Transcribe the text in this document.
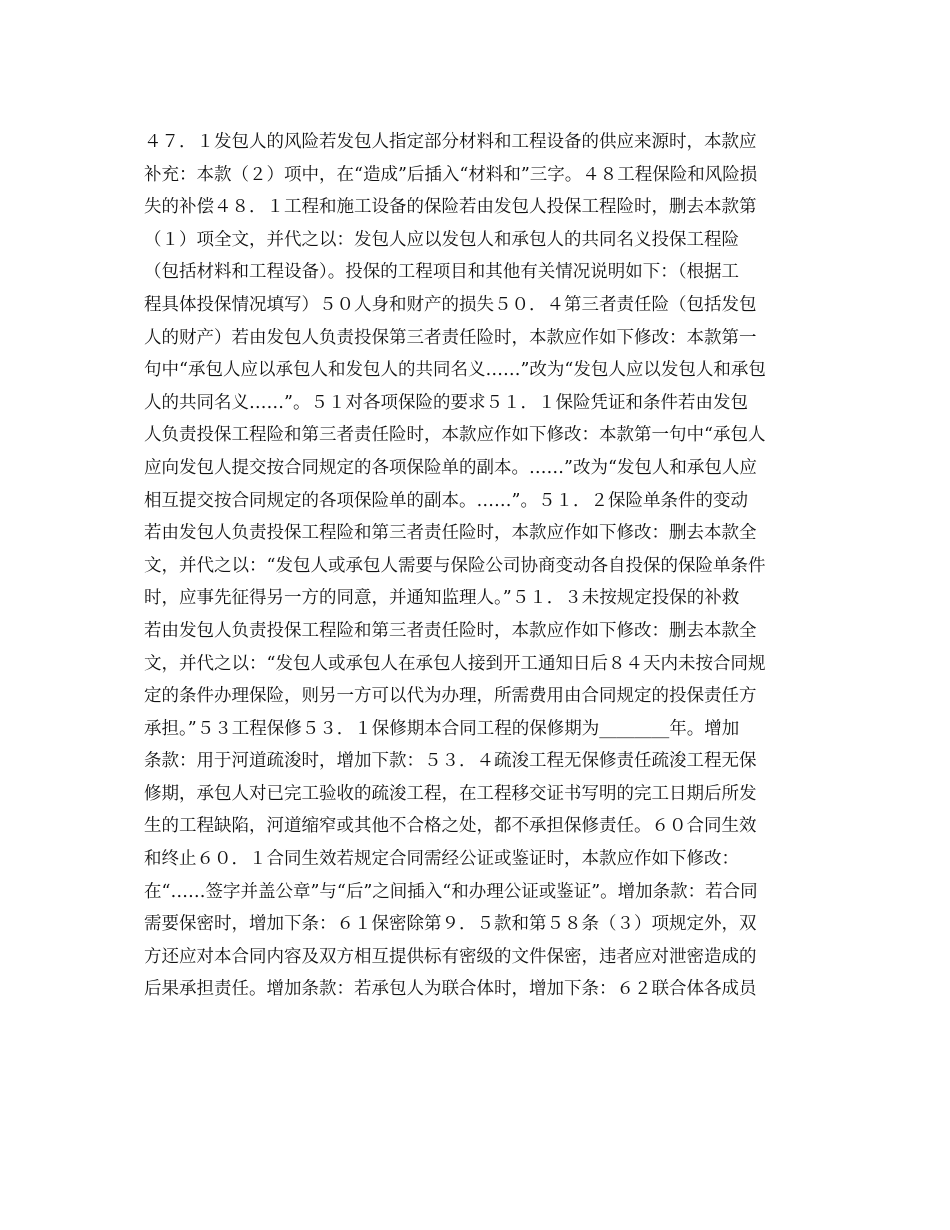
４７．１发包人的风险若发包人指定部分材料和工程设备的供应来源时，本款应
补充：本款（２）项中，在“造成”后插入“材料和”三字。４８工程保险和风险损
失的补偿４８．１工程和施工设备的保险若由发包人投保工程险时，删去本款第
（１）项全文，并代之以：发包人应以发包人和承包人的共同名义投保工程险
（包括材料和工程设备）。投保的工程项目和其他有关情况说明如下：（根据工
程具体投保情况填写）５０人身和财产的损失５０．４第三者责任险（包括发包
人的财产）若由发包人负责投保第三者责任险时，本款应作如下修改：本款第一
句中“承包人应以承包人和发包人的共同名义……”改为“发包人应以发包人和承包
人的共同名义……”。５１对各项保险的要求５１．１保险凭证和条件若由发包
人负责投保工程险和第三者责任险时，本款应作如下修改：本款第一句中“承包人
应向发包人提交按合同规定的各项保险单的副本。……”改为“发包人和承包人应
相互提交按合同规定的各项保险单的副本。……”。５１．２保险单条件的变动
若由发包人负责投保工程险和第三者责任险时，本款应作如下修改：删去本款全
文，并代之以：“发包人或承包人需要与保险公司协商变动各自投保的保险单条件
时，应事先征得另一方的同意，并通知监理人。”５１．３未按规定投保的补救
若由发包人负责投保工程险和第三者责任险时，本款应作如下修改：删去本款全
文，并代之以：“发包人或承包人在承包人接到开工通知日后８４天内未按合同规
定的条件办理保险，则另一方可以代为办理，所需费用由合同规定的投保责任方
承担。”５３工程保修５３．１保修期本合同工程的保修期为________年。增加
条款：用于河道疏浚时，增加下款：５３．４疏浚工程无保修责任疏浚工程无保
修期，承包人对已完工验收的疏浚工程，在工程移交证书写明的完工日期后所发
生的工程缺陷，河道缩窄或其他不合格之处，都不承担保修责任。６０合同生效
和终止６０．１合同生效若规定合同需经公证或鉴证时，本款应作如下修改：
在“……签字并盖公章”与“后”之间插入“和办理公证或鉴证”。增加条款：若合同
需要保密时，增加下条：６１保密除第９．５款和第５８条（３）项规定外，双
方还应对本合同内容及双方相互提供标有密级的文件保密，违者应对泄密造成的
后果承担责任。增加条款：若承包人为联合体时，增加下条：６２联合体各成员
